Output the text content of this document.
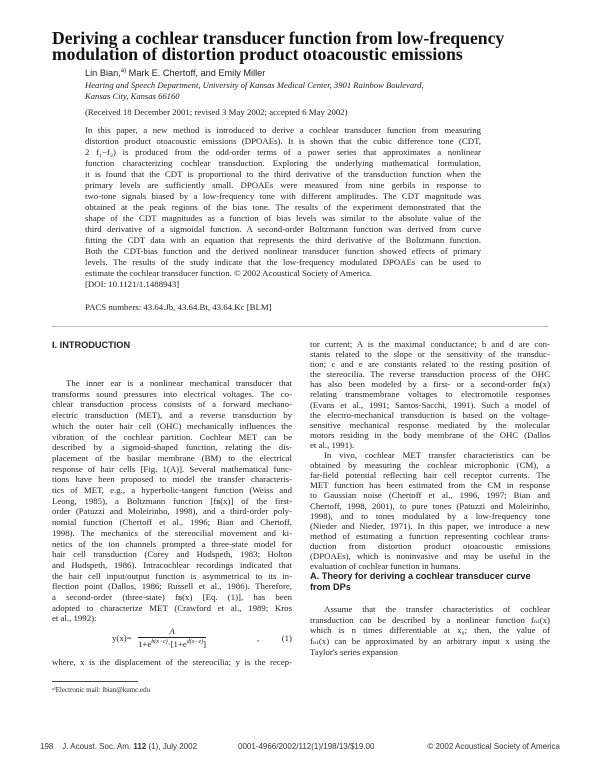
Deriving a cochlear transducer function from low-frequency
modulation of distortion product otoacoustic emissions
Lin Bian,$^{a)}$ Mark E. Chertoff, and Emily Miller
Hearing and Speech Department, University of Kansas Medical Center, 3901 Rainbow Boulevard,
Kansas City, Kansas 66160
(Received 18 December 2001; revised 3 May 2002; accepted 6 May 2002)
In this paper, a new method is introduced to derive a cochlear transducer function from measuring
distortion product otoacoustic emissions (DPOAEs). It is shown that the cubic difference tone (CDT,
2 f₁−f₂) is produced from the odd-order terms of a power series that approximates a nonlinear
function characterizing cochlear transduction. Exploring the underlying mathematical formulation,
it is found that the CDT is proportional to the third derivative of the transduction function when the
primary levels are sufficiently small. DPOAEs were measured from nine gerbils in response to
two-tone signals biased by a low-frequency tone with different amplitudes. The CDT magnitude was
obtained at the peak regions of the bias tone. The results of the experiment demonstrated that the
shape of the CDT magnitudes as a function of bias levels was similar to the absolute value of the
third derivative of a sigmoidal function. A second-order Boltzmann function was derived from curve
fitting the CDT data with an equation that represents the third derivative of the Boltzmann function.
Both the CDT-bias function and the derived nonlinear transducer function showed effects of primary
levels. The results of the study indicate that the low-frequency modulated DPOAEs can be used to
estimate the cochlear transducer function. © 2002 Acoustical Society of America.
[DOI: 10.1121/1.1488943]
PACS numbers: 43.64.Jb, 43.64.Bt, 43.64.Kc [BLM]
I. INTRODUCTION
The inner ear is a nonlinear mechanical transducer that
transforms sound pressures into electrical voltages. The co-
chlear transduction process consists of a forward mechano-
electric transduction (MET), and a reverse transduction by
which the outer hair cell (OHC) mechanically influences the
vibration of the cochlear partition. Cochlear MET can be
described by a sigmoid-shaped function, relating the dis-
placement of the basilar membrane (BM) to the electrical
response of hair cells [Fig. 1(A)]. Several mathematical func-
tions have been proposed to model the transfer characteris-
tics of MET, e.g., a hyperbolic-tangent function (Weiss and
Leong, 1985), a Boltzmann function [fʙ(x)] of the first-
order (Patuzzi and Moleirinho, 1998), and a third-order poly-
nomial function (Chertoff et al., 1996; Bian and Chertoff,
1998). The mechanics of the stereocilial movement and ki-
netics of the ion channels prompted a three-state model for
hair cell transduction (Corey and Hudspeth, 1983; Holton
and Hudspeth, 1986). Intracochlear recordings indicated that
the hair cell input/output function is asymmetrical to its in-
flection point (Dallos, 1986; Russell et al., 1986). Therefore,
a second-order (three-state) fʙ(x) [Eq. (1)], has been
adopted to characterize MET (Crawford et al., 1989; Kros
et al., 1992):
$y(x)= \frac{A}{1+e^{b(x-c)}\cdot[1+e^{d(x-e)}]}$	,	(1)
where, x is the displacement of the stereocilia; y is the recep-
ᵃ⁾Electronic mail: lbian@kumc.edu
tor current; A is the maximal conductance; b and d are con-
stants related to the slope or the sensitivity of the transduc-
tion; c and e are constants related to the resting position of
the stereocilia. The reverse transduction process of the OHC
has also been modeled by a first- or a second-order fʙ(x)
relating transmembrane voltages to electromotile responses
(Evans et al., 1991; Santos-Sacchi, 1991). Such a model of
the electro-mechanical transduction is based on the voltage-
sensitive mechanical response mediated by the molecular
motors residing in the body membrane of the OHC (Dallos
et al., 1991).
In vivo, cochlear MET transfer characteristics can be
obtained by measuring the cochlear microphonic (CM), a
far-field potential reflecting hair cell receptor currents. The
MET function has been estimated from the CM in response
to Gaussian noise (Chertoff et al., 1996, 1997; Bian and
Chertoff, 1998, 2001), to pure tones (Patuzzi and Moleirinho,
1998), and to tones modulated by a low-frequency tone
(Nieder and Nieder, 1971). In this paper, we introduce a new
method of estimating a function representing cochlear trans-
duction from distortion product otoacoustic emissions
(DPOAEs), which is noninvasive and may be useful in the
evaluation of cochlear function in humans.
A. Theory for deriving a cochlear transducer curve from DPs
Assume that the transfer characteristics of cochlear
transduction can be described by a nonlinear function fₙₗ(x)
which is n times differentiable at x₀; then, the value of
fₙₗ(x) can be approximated by an arbitrary input x using the
Taylor's series expansion
198 J. Acoust. Soc. Am. 112 (1), July 2002	0001-4966/2002/112(1)/198/13/$19.00	© 2002 Acoustical Society of America
